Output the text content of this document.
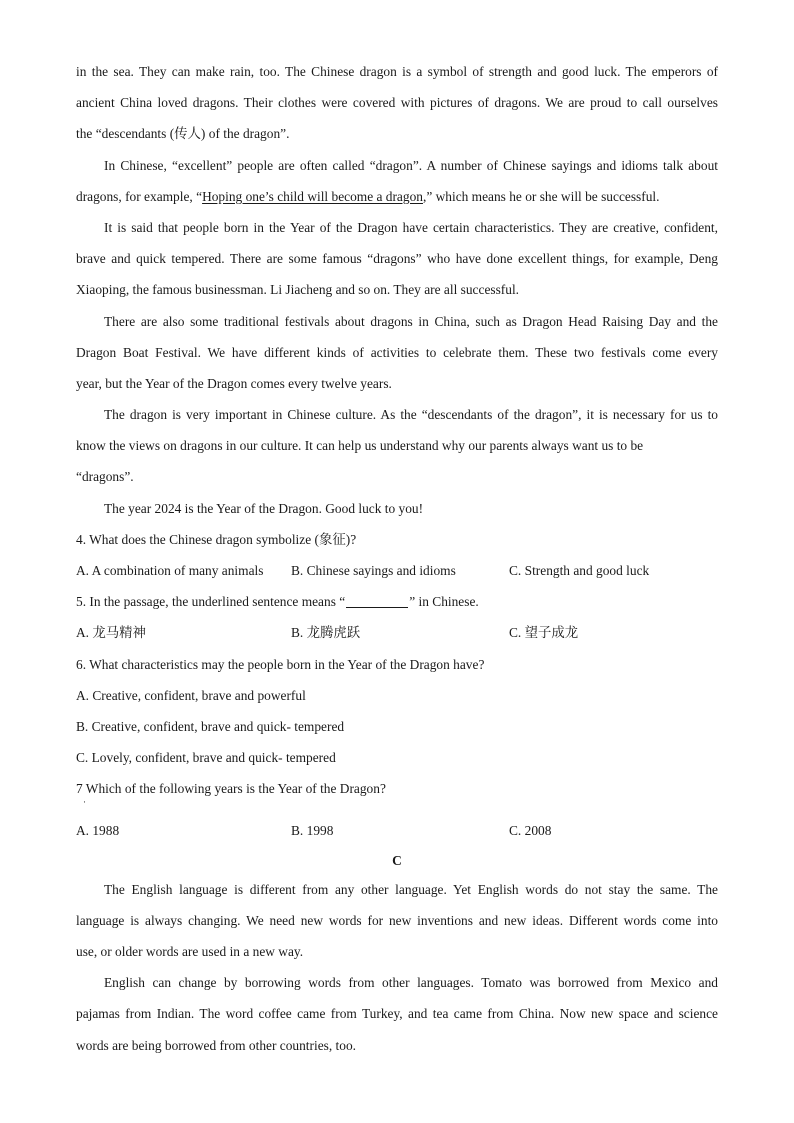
in the sea. They can make rain, too. The Chinese dragon is a symbol of strength and good luck. The emperors of
ancient China loved dragons. Their clothes were covered with pictures of dragons. We are proud to call ourselves
the “descendants (传人) of the dragon”.
In Chinese, “excellent” people are often called “dragon”. A number of Chinese sayings and idioms talk about
dragons, for example, “Hoping one’s child will become a dragon,” which means he or she will be successful.
It is said that people born in the Year of the Dragon have certain characteristics. They are creative, confident,
brave and quick tempered. There are some famous “dragons” who have done excellent things, for example, Deng
Xiaoping, the famous businessman. Li Jiacheng and so on. They are all successful.
There are also some traditional festivals about dragons in China, such as Dragon Head Raising Day and the
Dragon Boat Festival. We have different kinds of activities to celebrate them. These two festivals come every
year, but the Year of the Dragon comes every twelve years.
The dragon is very important in Chinese culture. As the “descendants of the dragon”, it is necessary for us to
know the views on dragons in our culture. It can help us understand why our parents always want us to be
“dragons”.
The year 2024 is the Year of the Dragon. Good luck to you!
4. What does the Chinese dragon symbolize (象征)?
A. A combination of many animals B. Chinese sayings and idioms	C. Strength and good luck
5. In the passage, the underlined sentence means “	” in Chinese.
A. 龙马精神	B. 龙腾虎跃	C. 望子成龙
6. What characteristics may the people born in the Year of the Dragon have?
A. Creative, confident, brave and powerful
B. Creative, confident, brave and quick- tempered
C. Lovely, confident, brave and quick- tempered
7 Which of the following years is the Year of the Dragon?
·
A. 1988	B. 1998	C. 2008
C
The English language is different from any other language. Yet English words do not stay the same. The
language is always changing. We need new words for new inventions and new ideas. Different words come into
use, or older words are used in a new way.
English can change by borrowing words from other languages. Tomato was borrowed from Mexico and
pajamas from Indian. The word coffee came from Turkey, and tea came from China. Now new space and science
words are being borrowed from other countries, too.
